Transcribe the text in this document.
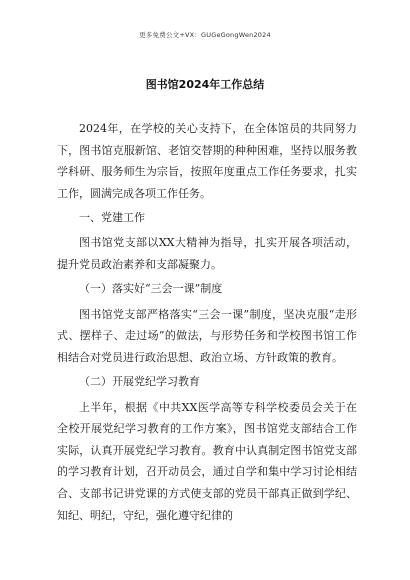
更多免费公文+VX：GUGeGongWen2024
图书馆2024年工作总结

2024年，在学校的关心支持下，在全体馆员的共同努力下，图书馆克服新馆、老馆交替期的种种困难，坚持以服务教学科研、服务师生为宗旨，按照年度重点工作任务要求，扎实工作，圆满完成各项工作任务。

一、党建工作

图书馆党支部以XX大精神为指导，扎实开展各项活动，提升党员政治素养和支部凝聚力。

（一）落实好“三会一课”制度

图书馆党支部严格落实“三会一课”制度，坚决克服“走形式、摆样子、走过场”的做法，与形势任务和学校图书馆工作相结合对党员进行政治思想、政治立场、方针政策的教育。

（二）开展党纪学习教育

上半年，根据《中共XX医学高等专科学校委员会关于在全校开展党纪学习教育的工作方案》，图书馆党支部结合工作实际，认真开展党纪学习教育。教育中认真制定图书馆党支部的学习教育计划，召开动员会，通过自学和集中学习讨论相结合、支部书记讲党课的方式使支部的党员干部真正做到学纪、知纪、明纪，守纪，强化遵守纪律的
